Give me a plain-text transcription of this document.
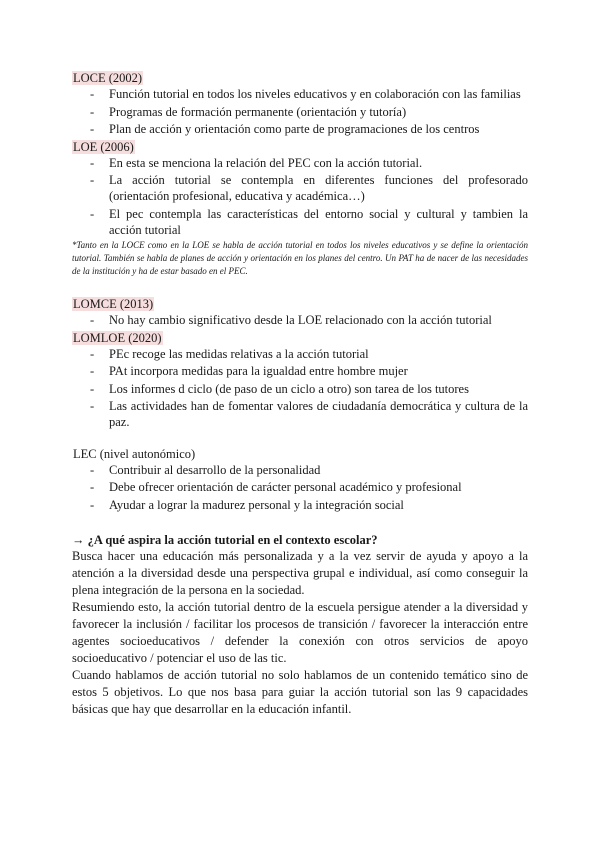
LOCE (2002)
- Función tutorial en todos los niveles educativos y en colaboración con las familias
- Programas de formación permanente (orientación y tutoría)
- Plan de acción y orientación como parte de programaciones de los centros
LOE (2006)
- En esta se menciona la relación del PEC con la acción tutorial.
- La acción tutorial se contempla en diferentes funciones del profesorado (orientación profesional, educativa y académica…)
- El pec contempla las características del entorno social y cultural y tambien la acción tutorial
*Tanto en la LOCE como en la LOE se habla de acción tutorial en todos los niveles educativos y se define la orientación tutorial. También se habla de planes de acción y orientación en los planes del centro. Un PAT ha de nacer de las necesidades de la institución y ha de estar basado en el PEC.
LOMCE (2013)
- No hay cambio significativo desde la LOE relacionado con la acción tutorial
LOMLOE (2020)
- PEc recoge las medidas relativas a la acción tutorial
- PAt incorpora medidas para la igualdad entre hombre mujer
- Los informes d ciclo (de paso de un ciclo a otro) son tarea de los tutores
- Las actividades han de fomentar valores de ciudadanía democrática y cultura de la paz.
LEC (nivel autonómico)
- Contribuir al desarrollo de la personalidad
- Debe ofrecer orientación de carácter personal académico y profesional
- Ayudar a lograr la madurez personal y la integración social
→ ¿A qué aspira la acción tutorial en el contexto escolar?

Busca hacer una educación más personalizada y a la vez servir de ayuda y apoyo a la atención a la diversidad desde una perspectiva grupal e individual, así como conseguir la plena integración de la persona en la sociedad.

Resumiendo esto, la acción tutorial dentro de la escuela persigue atender a la diversidad y favorecer la inclusión / facilitar los procesos de transición / favorecer la interacción entre agentes socioeducativos / defender la conexión con otros servicios de apoyo socioeducativo / potenciar el uso de las tic.

Cuando hablamos de acción tutorial no solo hablamos de un contenido temático sino de estos 5 objetivos. Lo que nos basa para guiar la acción tutorial son las 9 capacidades básicas que hay que desarrollar en la educación infantil.
